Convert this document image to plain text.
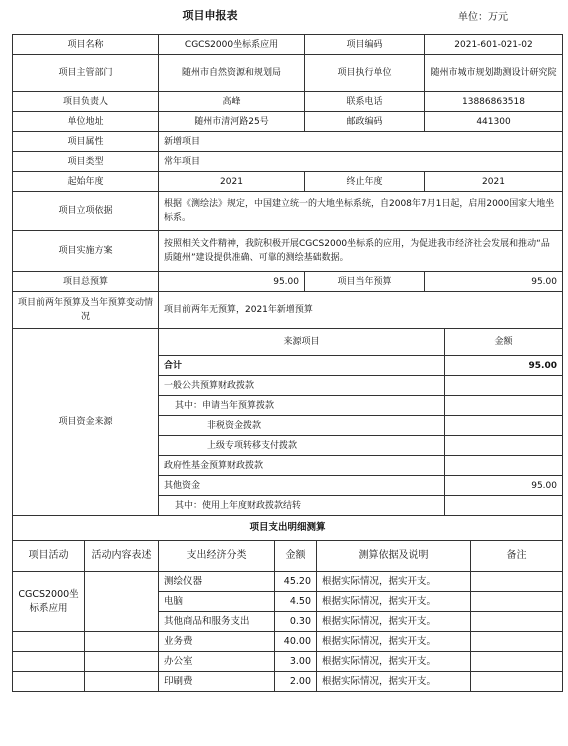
项目申报表	单位：万元
项目名称	CGCS2000坐标系应用	项目编码	2021-601-021-02
项目主管部门	随州市自然资源和规划局	项目执行单位	随州市城市规划勘测设计研究院
项目负责人	高峰	联系电话	13886863518
单位地址	随州市清河路25号	邮政编码	441300
项目属性	新增项目		
项目类型	常年项目		
起始年度	2021	终止年度	2021
项目立项依据	根据《测绘法》规定，中国建立统一的大地坐标系统，自2008年7月1日起，启用2000国家大地坐标系。		
项目实施方案	按照相关文件精神，我院积极开展CGCS2000坐标系的应用，为促进我市经济社会发展和推动“品质随州”建设提供准确、可靠的测绘基础数据。		
项目总预算	95.00	项目当年预算	95.00
项目前两年预算及当年预算变动情况	项目前两年无预算，2021年新增预算		
项目资金来源	来源项目	金额
	合计	95.00
	一般公共预算财政拨款	
	其中：申请当年预算拨款	
	非税资金拨款	
	上级专项转移支付拨款	
	政府性基金预算财政拨款	
	其他资金	95.00
	其中：使用上年度财政拨款结转	
项目支出明细测算					
项目活动	活动内容表述	支出经济分类	金额	测算依据及说明	备注
CGCS2000坐标系应用		测绘仪器	45.20	根据实际情况，据实开支。	
		电脑	4.50	根据实际情况，据实开支。	
		其他商品和服务支出	0.30	根据实际情况，据实开支。	
		业务费	40.00	根据实际情况，据实开支。	
		办公室	3.00	根据实际情况，据实开支。	
		印刷费	2.00	根据实际情况，据实开支。	
